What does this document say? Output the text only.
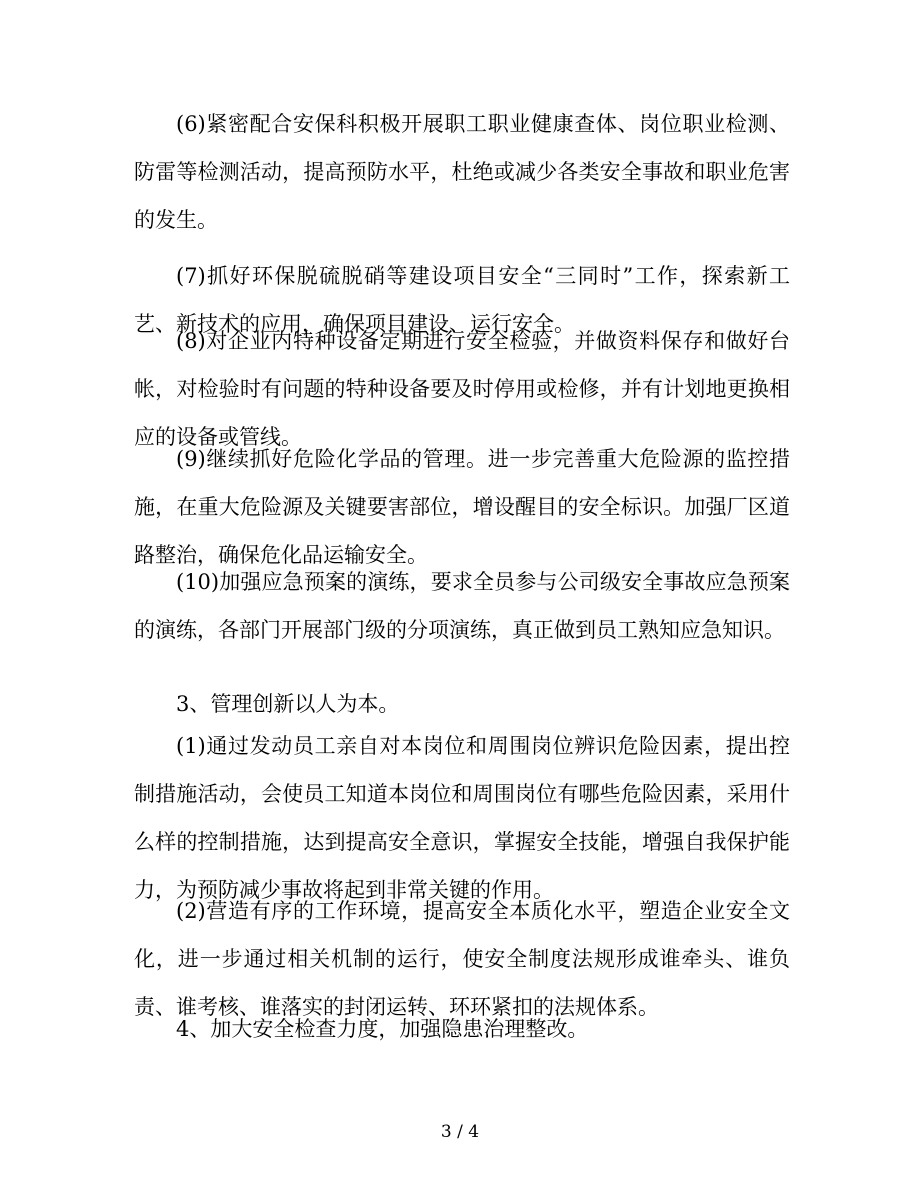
(6)紧密配合安保科积极开展职工职业健康查体、岗位职业检测、防雷等检测活动，提高预防水平，杜绝或减少各类安全事故和职业危害的发生。

(7)抓好环保脱硫脱硝等建设项目安全“三同时”工作，探索新工艺、新技术的应用，确保项目建设、运行安全。

(8)对企业内特种设备定期进行安全检验，并做资料保存和做好台帐，对检验时有问题的特种设备要及时停用或检修，并有计划地更换相应的设备或管线。

(9)继续抓好危险化学品的管理。进一步完善重大危险源的监控措施，在重大危险源及关键要害部位，增设醒目的安全标识。加强厂区道路整治，确保危化品运输安全。

(10)加强应急预案的演练，要求全员参与公司级安全事故应急预案的演练，各部门开展部门级的分项演练，真正做到员工熟知应急知识。

3、管理创新以人为本。

(1)通过发动员工亲自对本岗位和周围岗位辨识危险因素，提出控制措施活动，会使员工知道本岗位和周围岗位有哪些危险因素，采用什么样的控制措施，达到提高安全意识，掌握安全技能，增强自我保护能力，为预防减少事故将起到非常关键的作用。

(2)营造有序的工作环境，提高安全本质化水平，塑造企业安全文化，进一步通过相关机制的运行，使安全制度法规形成谁牵头、谁负责、谁考核、谁落实的封闭运转、环环紧扣的法规体系。

4、加大安全检查力度，加强隐患治理整改。

3 / 4
